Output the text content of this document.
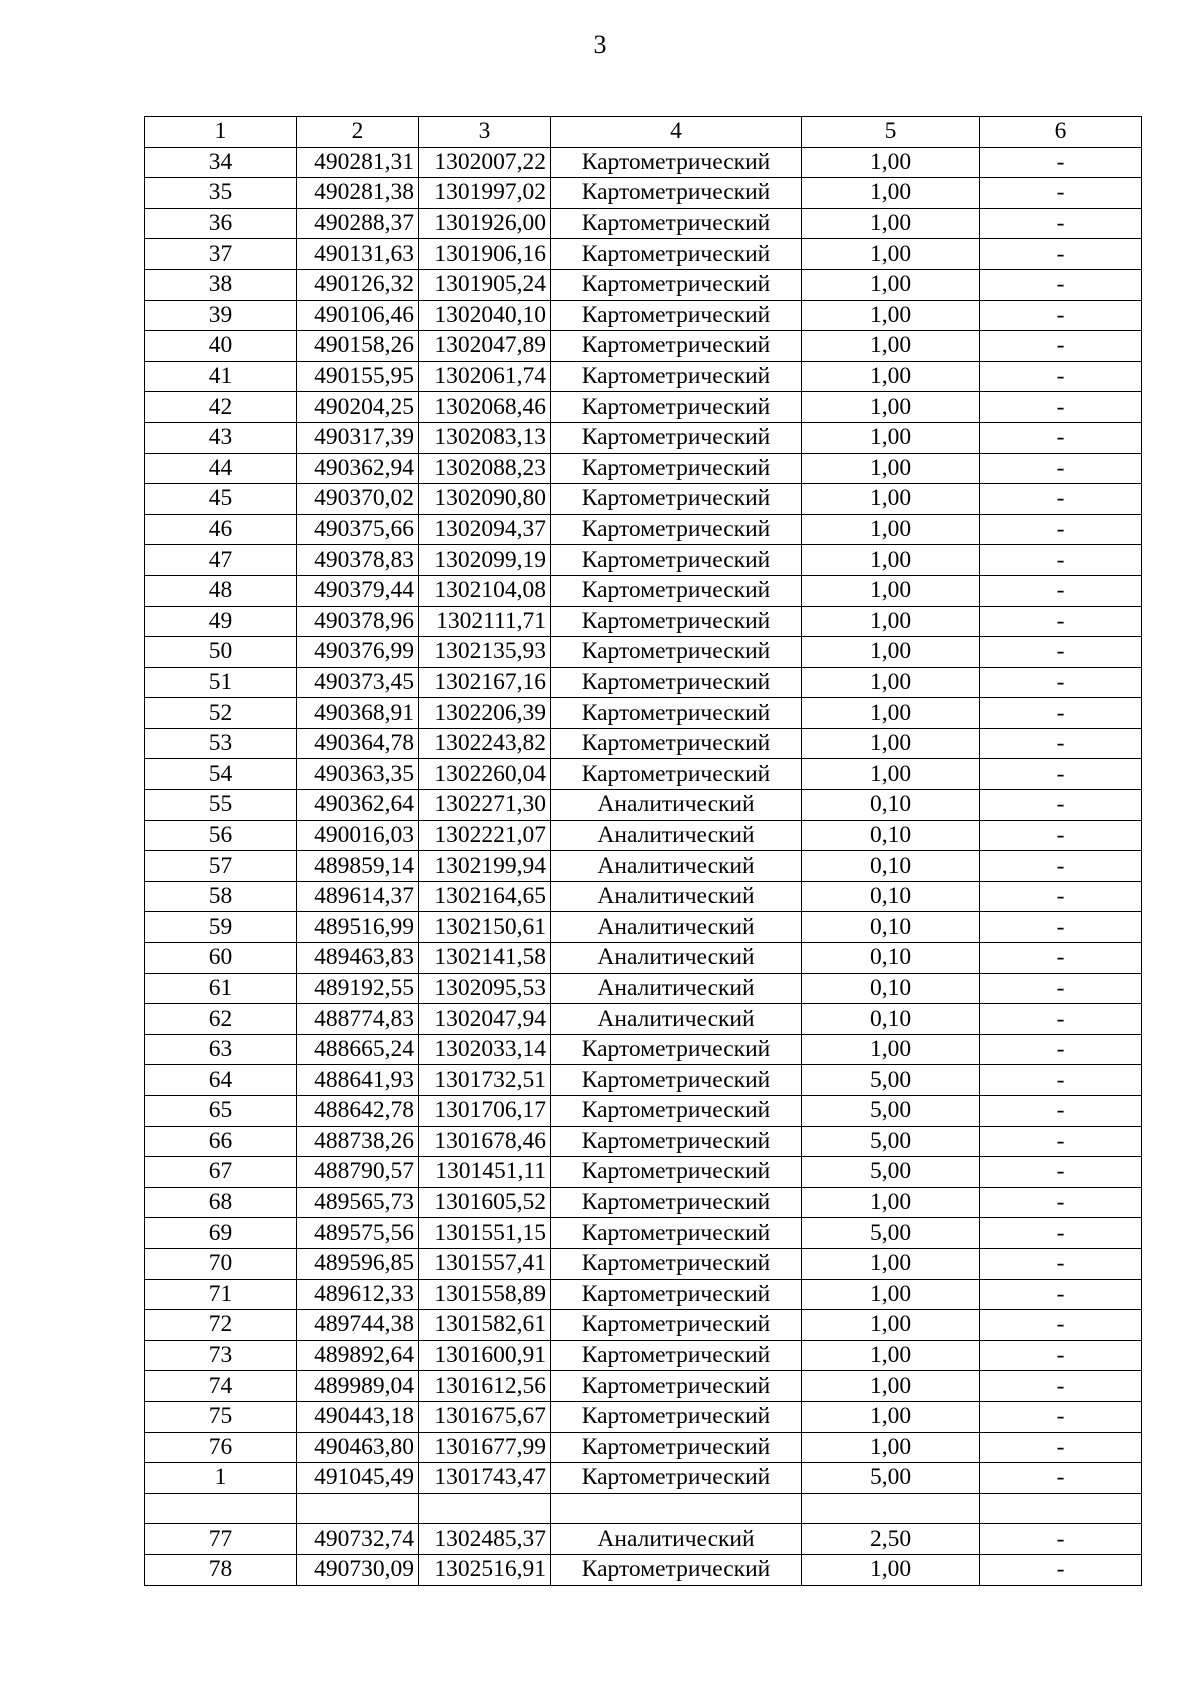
3
1	2	3	4	5	6
34	490281,31	1302007,22	Картометрический	1,00	-
35	490281,38	1301997,02	Картометрический	1,00	-
36	490288,37	1301926,00	Картометрический	1,00	-
37	490131,63	1301906,16	Картометрический	1,00	-
38	490126,32	1301905,24	Картометрический	1,00	-
39	490106,46	1302040,10	Картометрический	1,00	-
40	490158,26	1302047,89	Картометрический	1,00	-
41	490155,95	1302061,74	Картометрический	1,00	-
42	490204,25	1302068,46	Картометрический	1,00	-
43	490317,39	1302083,13	Картометрический	1,00	-
44	490362,94	1302088,23	Картометрический	1,00	-
45	490370,02	1302090,80	Картометрический	1,00	-
46	490375,66	1302094,37	Картометрический	1,00	-
47	490378,83	1302099,19	Картометрический	1,00	-
48	490379,44	1302104,08	Картометрический	1,00	-
49	490378,96	1302111,71	Картометрический	1,00	-
50	490376,99	1302135,93	Картометрический	1,00	-
51	490373,45	1302167,16	Картометрический	1,00	-
52	490368,91	1302206,39	Картометрический	1,00	-
53	490364,78	1302243,82	Картометрический	1,00	-
54	490363,35	1302260,04	Картометрический	1,00	-
55	490362,64	1302271,30	Аналитический	0,10	-
56	490016,03	1302221,07	Аналитический	0,10	-
57	489859,14	1302199,94	Аналитический	0,10	-
58	489614,37	1302164,65	Аналитический	0,10	-
59	489516,99	1302150,61	Аналитический	0,10	-
60	489463,83	1302141,58	Аналитический	0,10	-
61	489192,55	1302095,53	Аналитический	0,10	-
62	488774,83	1302047,94	Аналитический	0,10	-
63	488665,24	1302033,14	Картометрический	1,00	-
64	488641,93	1301732,51	Картометрический	5,00	-
65	488642,78	1301706,17	Картометрический	5,00	-
66	488738,26	1301678,46	Картометрический	5,00	-
67	488790,57	1301451,11	Картометрический	5,00	-
68	489565,73	1301605,52	Картометрический	1,00	-
69	489575,56	1301551,15	Картометрический	5,00	-
70	489596,85	1301557,41	Картометрический	1,00	-
71	489612,33	1301558,89	Картометрический	1,00	-
72	489744,38	1301582,61	Картометрический	1,00	-
73	489892,64	1301600,91	Картометрический	1,00	-
74	489989,04	1301612,56	Картометрический	1,00	-
75	490443,18	1301675,67	Картометрический	1,00	-
76	490463,80	1301677,99	Картометрический	1,00	-
1	491045,49	1301743,47	Картометрический	5,00	-

77	490732,74	1302485,37	Аналитический	2,50	-
78	490730,09	1302516,91	Картометрический	1,00	-
